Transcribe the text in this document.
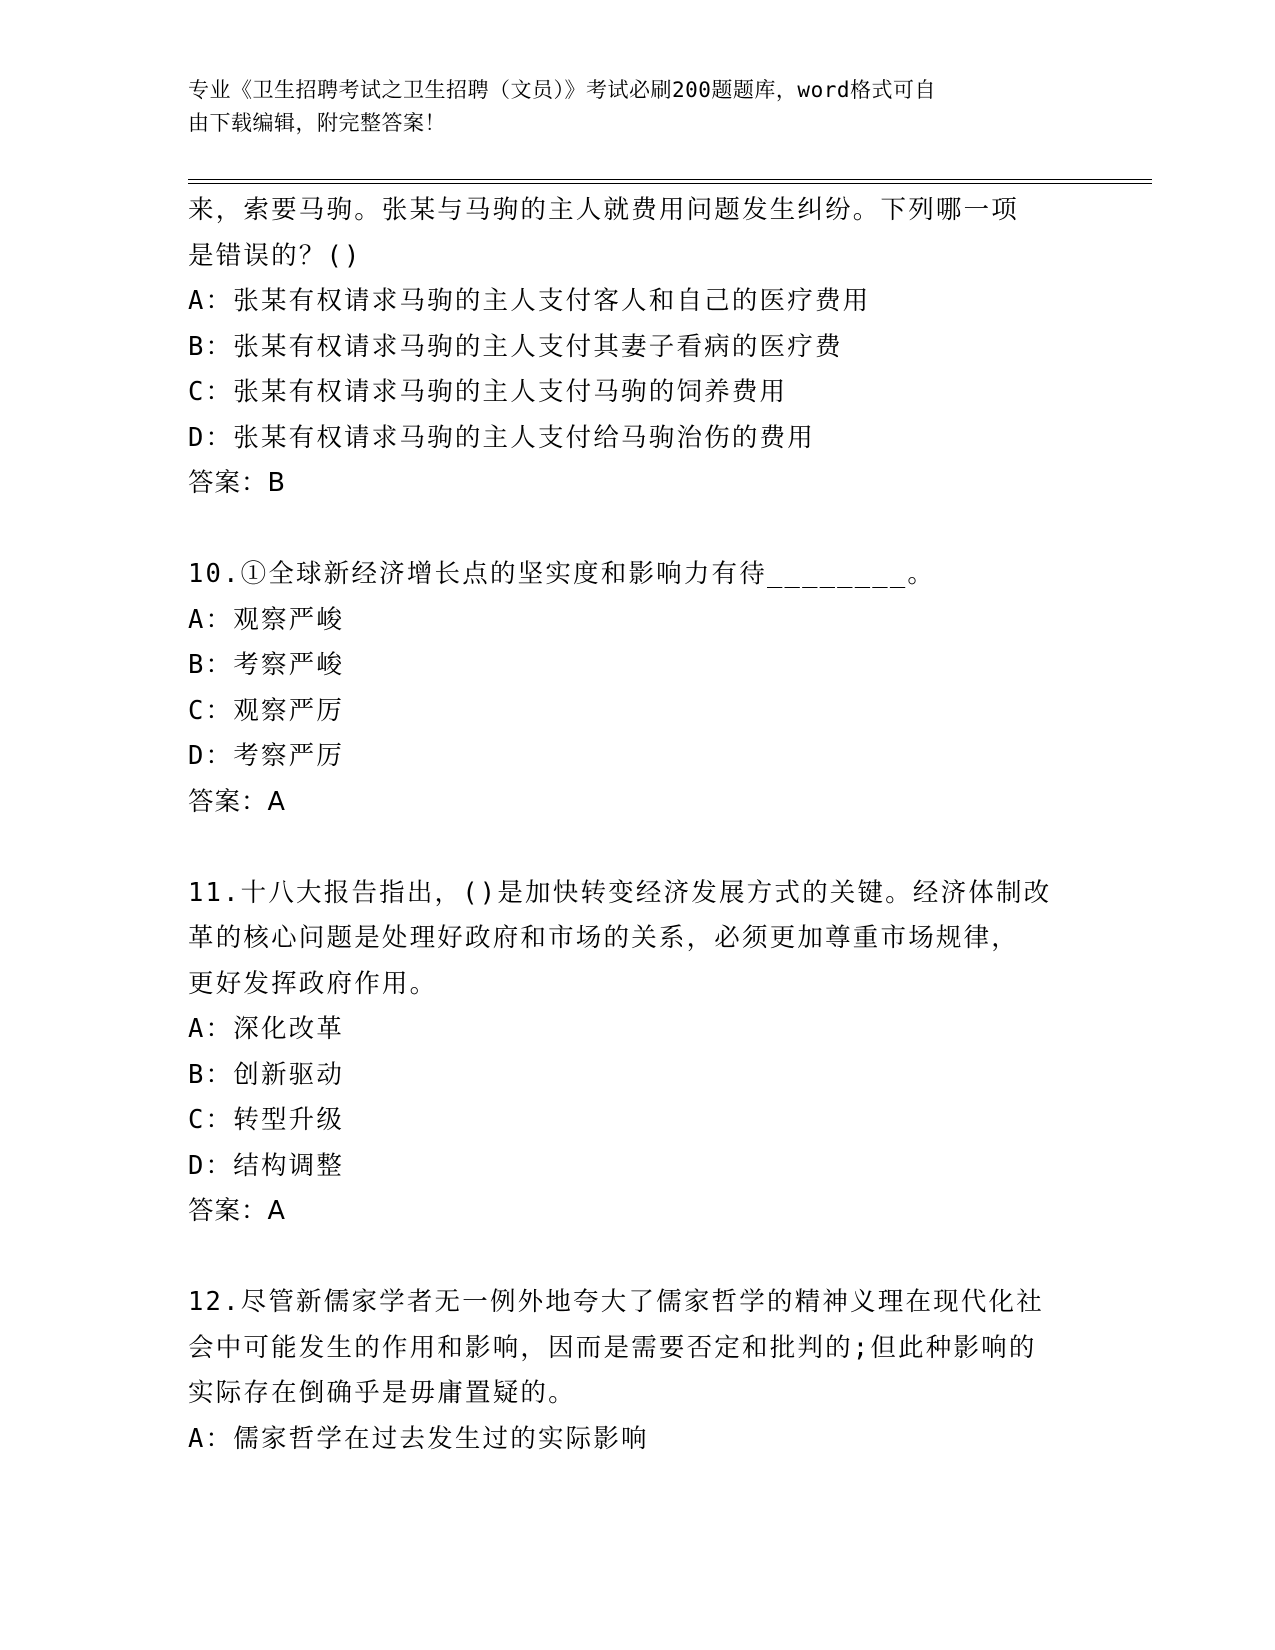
专业《卫生招聘考试之卫生招聘（文员）》考试必刷200题题库，word格式可自
由下载编辑，附完整答案！
来，索要马驹。张某与马驹的主人就费用问题发生纠纷。下列哪一项
是错误的？()
A：张某有权请求马驹的主人支付客人和自己的医疗费用
B：张某有权请求马驹的主人支付其妻子看病的医疗费
C：张某有权请求马驹的主人支付马驹的饲养费用
D：张某有权请求马驹的主人支付给马驹治伤的费用
答案：B
10.①全球新经济增长点的坚实度和影响力有待________。
A：观察严峻
B：考察严峻
C：观察严厉
D：考察严厉
答案：A
11.十八大报告指出，()是加快转变经济发展方式的关键。经济体制改
革的核心问题是处理好政府和市场的关系，必须更加尊重市场规律，
更好发挥政府作用。
A：深化改革
B：创新驱动
C：转型升级
D：结构调整
答案：A
12.尽管新儒家学者无一例外地夸大了儒家哲学的精神义理在现代化社
会中可能发生的作用和影响，因而是需要否定和批判的;但此种影响的
实际存在倒确乎是毋庸置疑的。
A：儒家哲学在过去发生过的实际影响
